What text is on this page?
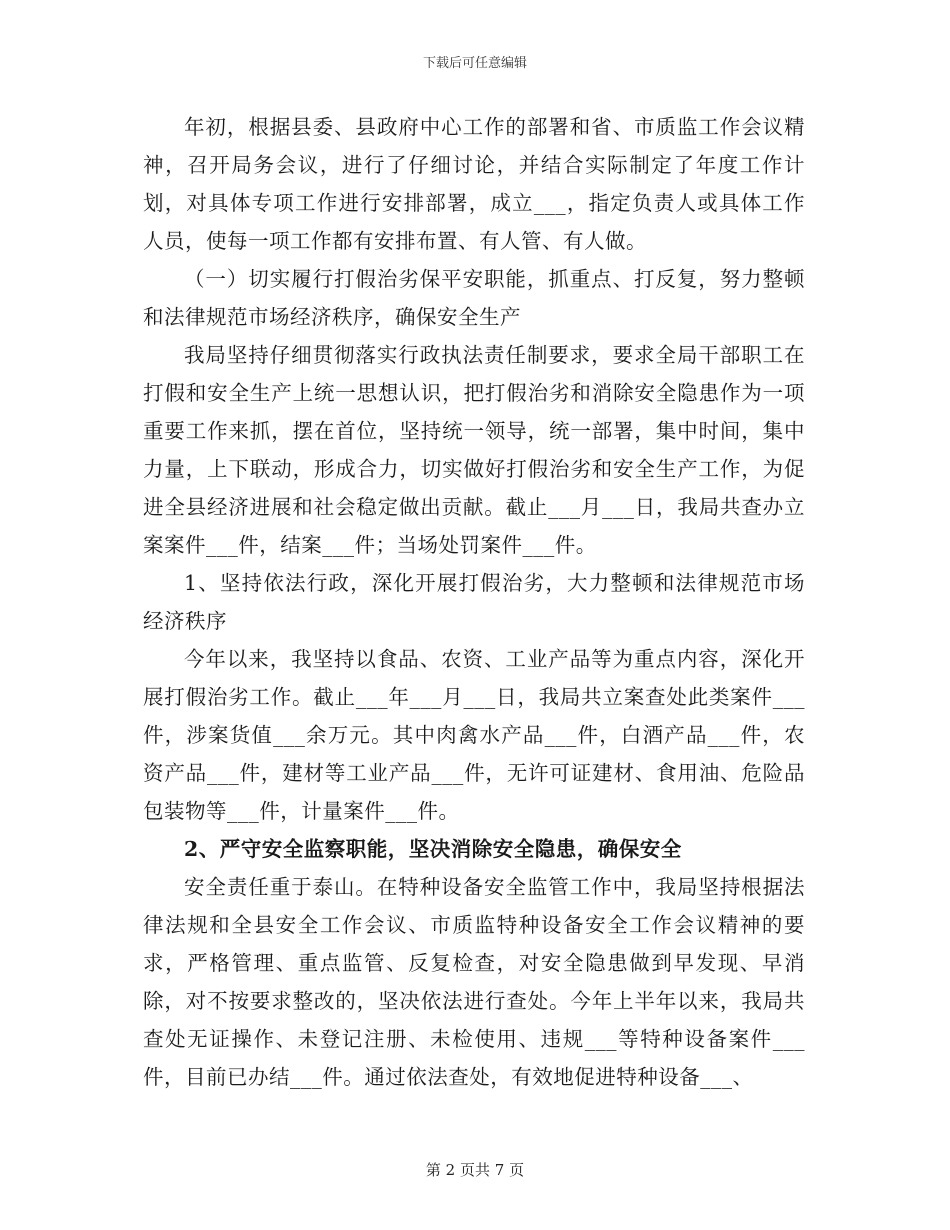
下载后可任意编辑

年初，根据县委、县政府中心工作的部署和省、市质监工作会议精神，召开局务会议，进行了仔细讨论，并结合实际制定了年度工作计划，对具体专项工作进行安排部署，成立___，指定负责人或具体工作人员，使每一项工作都有安排布置、有人管、有人做。

（一）切实履行打假治劣保平安职能，抓重点、打反复，努力整顿和法律规范市场经济秩序，确保安全生产

我局坚持仔细贯彻落实行政执法责任制要求，要求全局干部职工在打假和安全生产上统一思想认识，把打假治劣和消除安全隐患作为一项重要工作来抓，摆在首位，坚持统一领导，统一部署，集中时间，集中力量，上下联动，形成合力，切实做好打假治劣和安全生产工作，为促进全县经济进展和社会稳定做出贡献。截止___月___日，我局共查办立案案件___件，结案___件；当场处罚案件___件。

1、坚持依法行政，深化开展打假治劣，大力整顿和法律规范市场经济秩序

今年以来，我坚持以食品、农资、工业产品等为重点内容，深化开展打假治劣工作。截止___年___月___日，我局共立案查处此类案件___件，涉案货值___余万元。其中肉禽水产品___件，白酒产品___件，农资产品___件，建材等工业产品___件，无许可证建材、食用油、危险品包装物等___件，计量案件___件。

2、严守安全监察职能，坚决消除安全隐患，确保安全

安全责任重于泰山。在特种设备安全监管工作中，我局坚持根据法律法规和全县安全工作会议、市质监特种设备安全工作会议精神的要求，严格管理、重点监管、反复检查，对安全隐患做到早发现、早消除，对不按要求整改的，坚决依法进行查处。今年上半年以来，我局共查处无证操作、未登记注册、未检使用、违规___等特种设备案件___件，目前已办结___件。通过依法查处，有效地促进特种设备___、

第 2 页共 7 页
